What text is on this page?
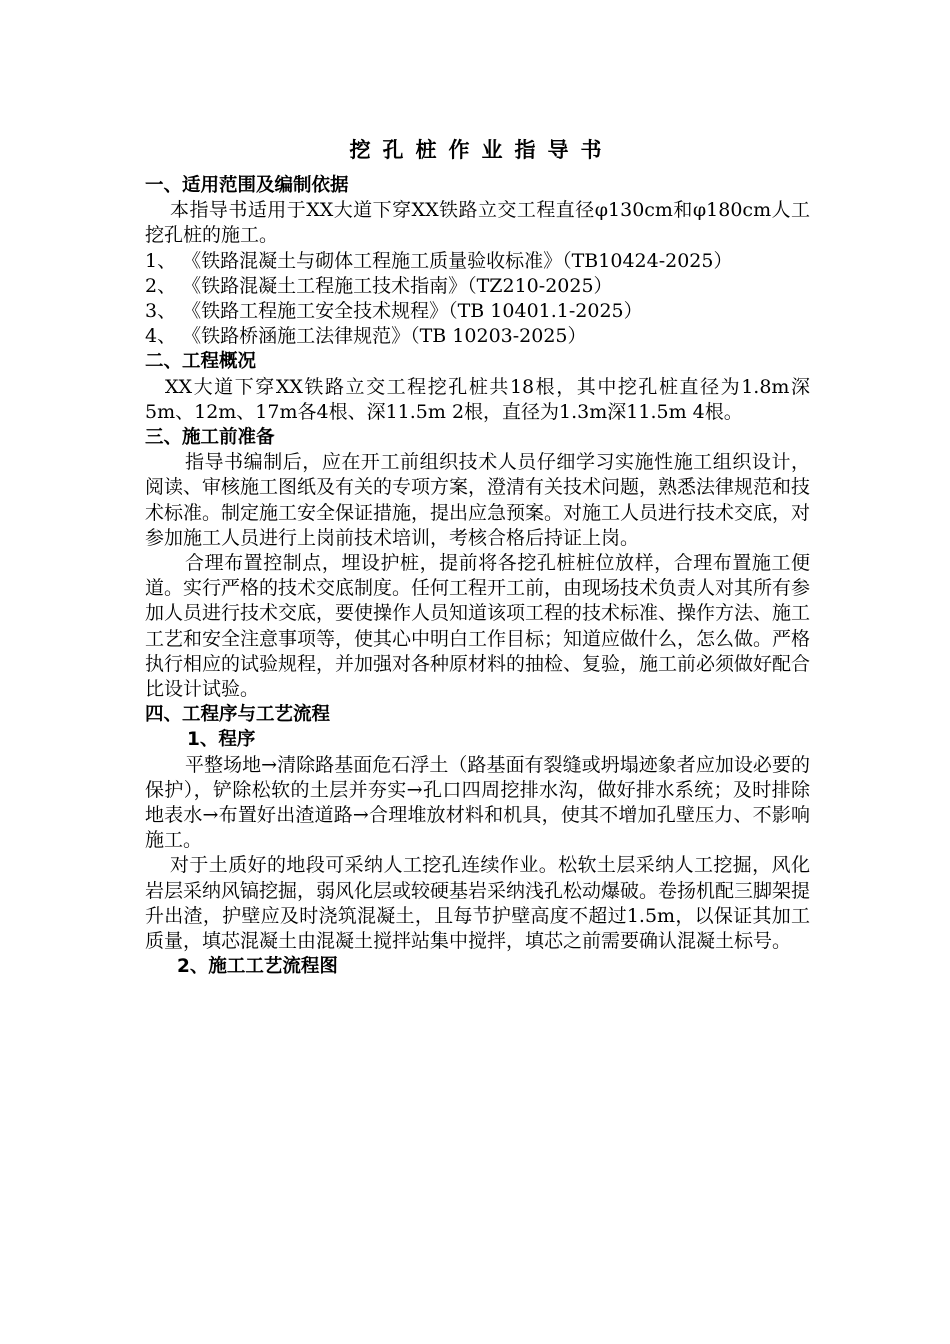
挖孔桩作业指导书
一、适用范围及编制依据

本指导书适用于XX大道下穿XX铁路立交工程直径φ130cm和φ180cm人工挖孔桩的施工。

1、 《铁路混凝土与砌体工程施工质量验收标准》（TB10424-2025）

2、 《铁路混凝土工程施工技术指南》（TZ210-2025）

3、 《铁路工程施工安全技术规程》（TB 10401.1-2025）

4、 《铁路桥涵施工法律规范》（TB 10203-2025）

二、工程概况

XX大道下穿XX铁路立交工程挖孔桩共18根，其中挖孔桩直径为1.8m深5m、12m、17m各4根、深11.5m 2根，直径为1.3m深11.5m 4根。

三、施工前准备

指导书编制后，应在开工前组织技术人员仔细学习实施性施工组织设计，阅读、审核施工图纸及有关的专项方案，澄清有关技术问题，熟悉法律规范和技术标准。制定施工安全保证措施，提出应急预案。对施工人员进行技术交底，对参加施工人员进行上岗前技术培训，考核合格后持证上岗。

合理布置控制点，埋设护桩，提前将各挖孔桩桩位放样，合理布置施工便道。实行严格的技术交底制度。任何工程开工前，由现场技术负责人对其所有参加人员进行技术交底，要使操作人员知道该项工程的技术标准、操作方法、施工工艺和安全注意事项等，使其心中明白工作目标；知道应做什么，怎么做。严格执行相应的试验规程，并加强对各种原材料的抽检、复验，施工前必须做好配合比设计试验。

四、工程序与工艺流程
1、程序

平整场地→清除路基面危石浮土（路基面有裂缝或坍塌迹象者应加设必要的保护），铲除松软的土层并夯实→孔口四周挖排水沟，做好排水系统；及时排除地表水→布置好出渣道路→合理堆放材料和机具，使其不增加孔壁压力、不影响施工。

对于土质好的地段可采纳人工挖孔连续作业。松软土层采纳人工挖掘，风化岩层采纳风镐挖掘，弱风化层或较硬基岩采纳浅孔松动爆破。卷扬机配三脚架提升出渣，护壁应及时浇筑混凝土，且每节护壁高度不超过1.5m，以保证其加工质量，填芯混凝土由混凝土搅拌站集中搅拌，填芯之前需要确认混凝土标号。

2、施工工艺流程图
